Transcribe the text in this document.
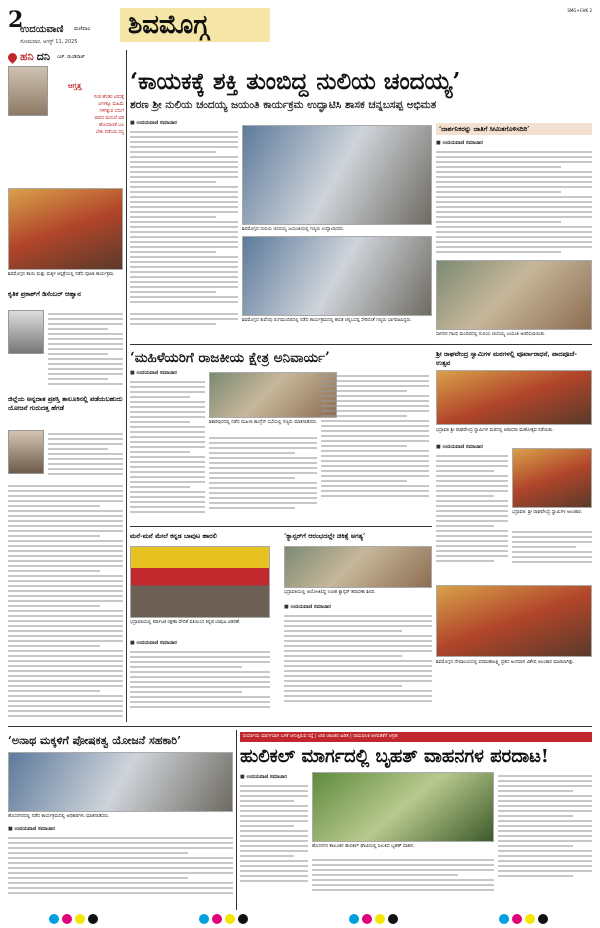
2
ಉದಯವಾಣಿ ಮಣಿಪಾಲ
ಸೋಮವಾರ, ಆಗಸ್ಟ್ 11, 2025
ಶಿವಮೊಗ್ಗ	SMG+CHK 2
ಹನಿ ದನಿ ಎಚ್. ಡುಂಡಿರಾಜ್
ಆಗ್ತತ್ತ
ಗಂಡ ಹೆಂಡಿರ ವಿರಸಕ್ಕೆ
ಜಗಳಕ್ಕೂ ಮಹಿಮೆ
ಗಳಿಗಿಕ್ಕುವ ಬೆಸುಗೆ
ವಾರದ ಮದುವೆ ಬಿಡಿ
ಹೊಂದಾಣಿಕೆ ಬಲ
ಬೇಕು ನಡೆಸುವ ಸದ್ಯ
ಶಿವಮೊಗ್ಗದ ತಾಯಿ ಮತ್ತು ಮಕ್ಕಳ ಆಸ್ಪತ್ರೆಯಲ್ಲಿ ನಡೆದ ಪೂಜಾ ಕಾರ್ಯಕ್ರಮ.
ಕೃತಿಕ ಪ್ರಕಾಶ್‌ಗೆ ಡಿಸೆಂಬರ್‌ ಆಹ್ವಾನ
ಜಿಲ್ಲೆಯ ಅನ್ನದಾತ ಪ್ರಶಸ್ತಿ ತಾಲೂಕಿನಲ್ಲಿ ಪಡೆಯಬಹುದು ಯೋಜನೆ ಗುರುದತ್ತ ಹೆಗಡೆ
‘ಕಾಯಕಕ್ಕೆ ಶಕ್ತಿ ತುಂಬಿದ್ದ ನುಲಿಯ ಚಂದಯ್ಯ’
ಶರಣ ಶ್ರೀ ನುಲಿಯ ಚಂದಯ್ಯ ಜಯಂತಿ ಕಾರ್ಯಕ್ರಮ ಉದ್ಘಾಟಿಸಿ ಶಾಸಕ ಚನ್ನಬಸಪ್ಪ ಅಭಿಮತ
■ ಉದಯವಾಣಿ ಸಮಾಚಾರ
ಶಿವಮೊಗ್ಗದ ನುಲಿಯ ಚಂದಯ್ಯ ಜಯಂತಿಯಲ್ಲಿ ಗಣ್ಯರು ಉದ್ಘಾಟಿಸಿದರು.
ಶಿವಮೊಗ್ಗದ ಕುವೆಂಪು ರಂಗಮಂದಿರದಲ್ಲಿ ನಡೆದ ಕಾರ್ಯಕ್ರಮದಲ್ಲಿ ಶಾಸಕ ಚನ್ನಬಸಪ್ಪ ಸೇರಿದಂತೆ ಗಣ್ಯರು ಭಾಗವಹಿಸಿದ್ದರು.
‘ದಾರ್ಶನಿಕರನ್ನು ಜಾತಿಗೆ ಸೀಮಿತಗೊಳಿಸದಿರಿ’
■ ಉದಯವಾಣಿ ಸಮಾಚಾರ
ಸಾಗರದ ಗಾಂಧಿ ಮಂದಿರದಲ್ಲಿ ನುಲಿಯ ಚಂದಯ್ಯ ಜಯಂತಿ ಆಚರಿಸಲಾಯಿತು.
‘ಮಹಿಳೆಯರಿಗೆ ರಾಜಕೀಯ ಕ್ಷೇತ್ರ ಅನಿವಾರ್ಯ’
■ ಉದಯವಾಣಿ ಸಮಾಚಾರ
ಶಿಕಾರಿಪುರದಲ್ಲಿ ನಡೆದ ಮಹಿಳಾ ಕಾಂಗ್ರೆಸ್‌ ಸಭೆಯಲ್ಲಿ ಗಣ್ಯರು ಮಾತನಾಡಿದರು.
ಶ್ರೀ ರಾಘವೇಂದ್ರ ಸ್ವಾಮಿಗಳ ಮಠಗಳಲ್ಲಿ ಪೂರ್ವಾರಾಧನೆ, ಪಾದಪೂಜೆ- ಉತ್ಸವ
ಭದ್ರಾವತಿ ಶ್ರೀ ರಾಘವೇಂದ್ರ ಸ್ವಾಮಿಗಳ ಮಠದಲ್ಲಿ ಆರಾಧನಾ ಮಹೋತ್ಸವ ನಡೆಯಿತು.
■ ಉದಯವಾಣಿ ಸಮಾಚಾರ
ಭದ್ರಾವತಿ: ಶ್ರೀ ರಾಘವೇಂದ್ರ ಸ್ವಾಮಿಗಳ ಅಲಂಕಾರ.
ಮನೆ-ಮನೆ ಮೇಲೆ ಕನ್ನಡ ಬಾವುಟ ಹಾರಲಿ
ಭದ್ರಾವತಿಯಲ್ಲಿ ಕರ್ನಾಟಕ ರಕ್ಷಣಾ ವೇದಿಕೆ ವತಿಯಿಂದ ಕನ್ನಡ ಬಾವುಟ ವಿತರಣೆ.
■ ಉದಯವಾಣಿ ಸಮಾಚಾರ
‘ಕ್ಯಾನ್ಸರ್‌ಗೆ ಆರಂಭದಲ್ಲೇ ಚಿಕಿತ್ಸೆ ಅಗತ್ಯ’
ಭದ್ರಾವತಿಯಲ್ಲಿ ಆಯೋಜಿಸಿದ್ದ ಉಚಿತ ಕ್ಯಾನ್ಸರ್‌ ತಪಾಸಣಾ ಶಿಬಿರ.
■ ಉದಯವಾಣಿ ಸಮಾಚಾರ
ಶಿವಮೊಗ್ಗದ ದೇವಾಲಯದಲ್ಲಿ ವರಮಹಾಲಕ್ಷ್ಮಿ ವ್ರತದ ಅಂಗವಾಗಿ ವಿಶೇಷ ಅಲಂಕಾರ ಮಾಡಲಾಗಿತ್ತು.
‘ಅನಾಥ ಮಕ್ಕಳಿಗೆ ಪೋಷಕತ್ವ ಯೋಜನೆ ಸಹಕಾರಿ’
ಹೊಸನಗರದಲ್ಲಿ ನಡೆದ ಕಾರ್ಯಕ್ರಮದಲ್ಲಿ ಅಧಿಕಾರಿಗಳು ಮಾತನಾಡಿದರು.
■ ಉದಯವಾಣಿ ಸಮಾಚಾರ
ಪರ್ಯಾಯ ಮಾರ್ಗವಾಗಿ ಬಳಕೆ ಆಗುತ್ತಿರುವ ರಸ್ತೆ | ಲಾರಿ ಚಾಲಕರ ಹಿಡಿತ | ನಾಮಫಲಕ ಅಳವಡಿಕೆಗೆ ಆಗ್ರಹ
ಹುಲಿಕಲ್‌ ಮಾರ್ಗದಲ್ಲಿ ಬೃಹತ್‌ ವಾಹನಗಳ ಪರದಾಟ!
■ ಉದಯವಾಣಿ ಸಮಾಚಾರ
ಹೊಸನಗರ ತಾಲೂಕಿನ ಹುಲಿಕಲ್‌ ಘಾಟಿಯಲ್ಲಿ ಸಿಲುಕಿದ ಬೃಹತ್‌ ವಾಹನ.
